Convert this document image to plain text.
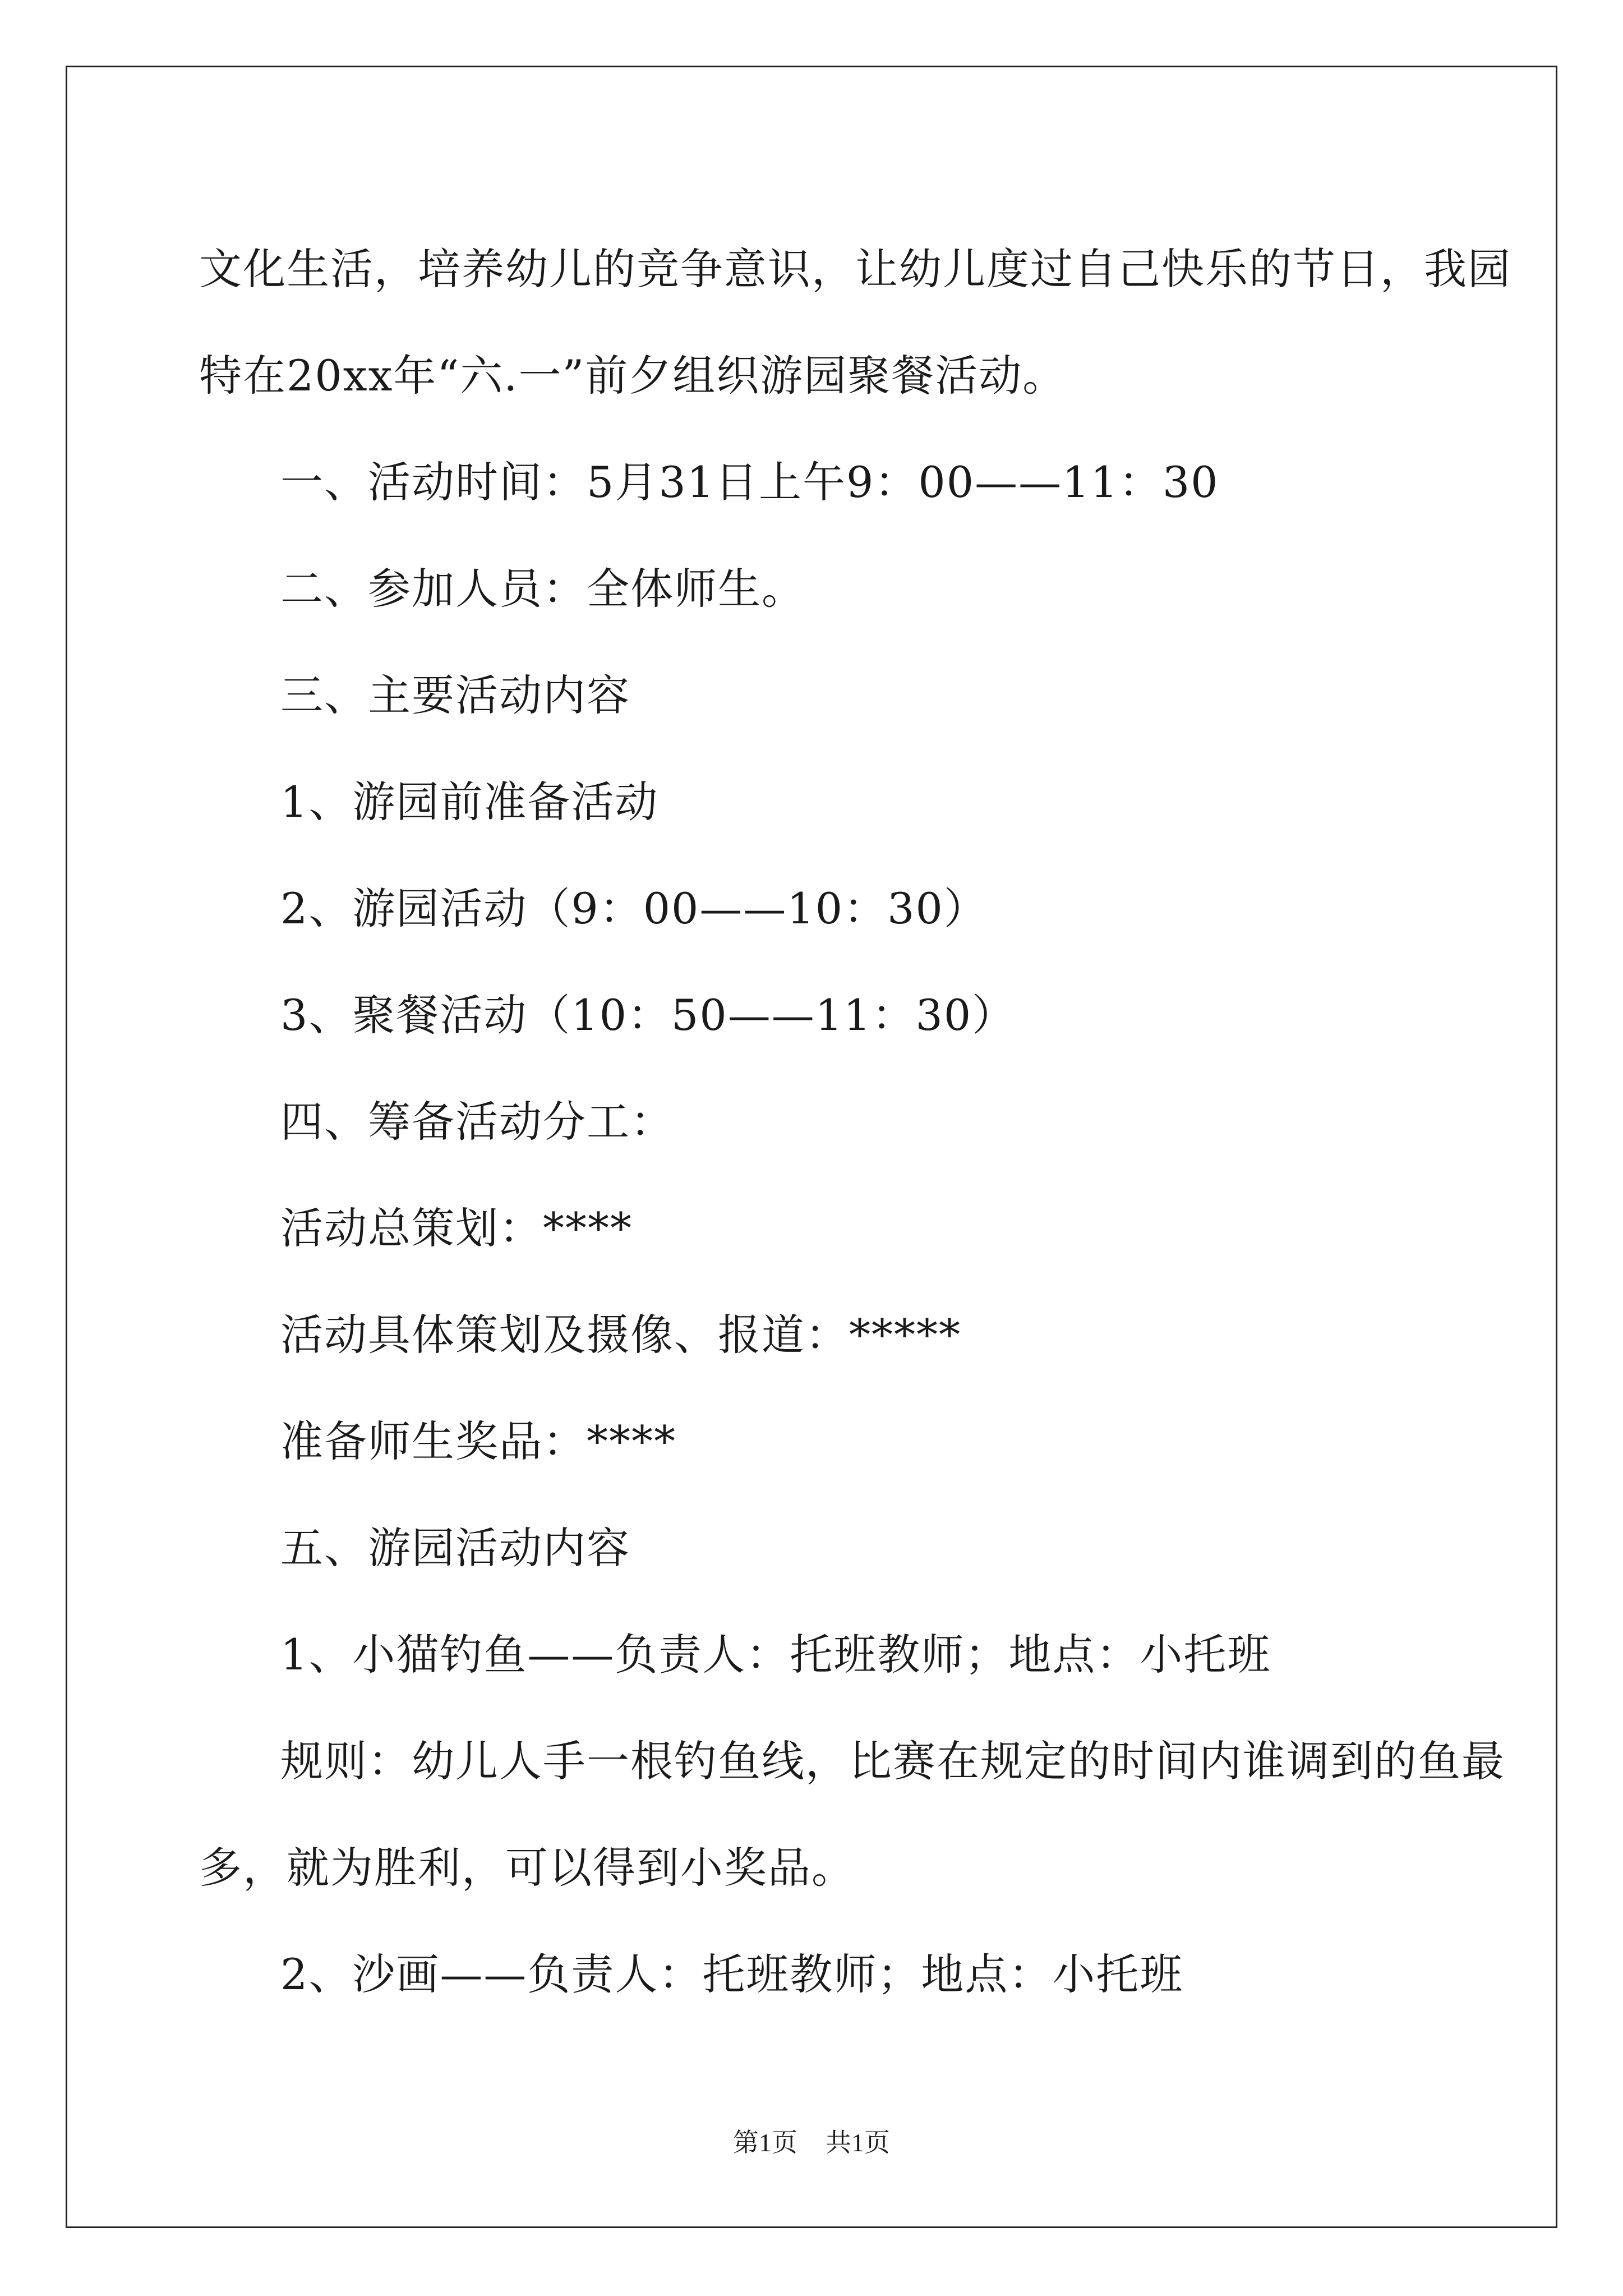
文化生活，培养幼儿的竞争意识，让幼儿度过自己快乐的节日，我园
特在20xx年“六.一”前夕组织游园聚餐活动。
一、活动时间：5月31日上午9：00——11：30
二、参加人员：全体师生。
三、主要活动内容
1、游园前准备活动
2、游园活动（9：00——10：30）
3、聚餐活动（10：50——11：30）
四、筹备活动分工：
活动总策划：****
活动具体策划及摄像、报道：*****
准备师生奖品：****
五、游园活动内容
1、小猫钓鱼——负责人：托班教师；地点：小托班
规则：幼儿人手一根钓鱼线，比赛在规定的时间内谁调到的鱼最
多，就为胜利，可以得到小奖品。
2、沙画——负责人：托班教师；地点：小托班
第1页 共1页
